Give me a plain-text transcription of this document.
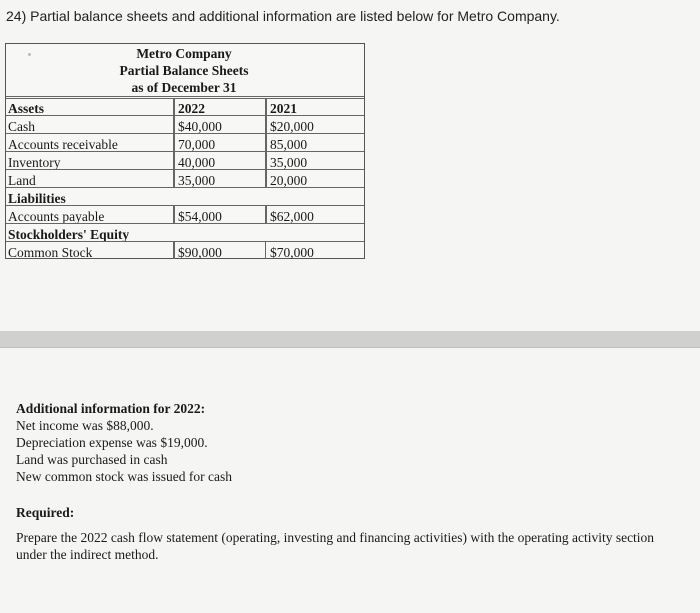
24) Partial balance sheets and additional information are listed below for Metro Company.
Metro Company
Partial Balance Sheets
as of December 31
Assets	2022	2021
Cash	$40,000	$20,000
Accounts receivable	70,000	85,000
Inventory	40,000	35,000
Land	35,000	20,000
Liabilities
Accounts payable	$54,000	$62,000
Stockholders' Equity
Common Stock	$90,000	$70,000
Additional information for 2022:
Net income was $88,000.
Depreciation expense was $19,000.
Land was purchased in cash
New common stock was issued for cash
Required:
Prepare the 2022 cash flow statement (operating, investing and financing activities) with the operating activity section under the indirect method.
